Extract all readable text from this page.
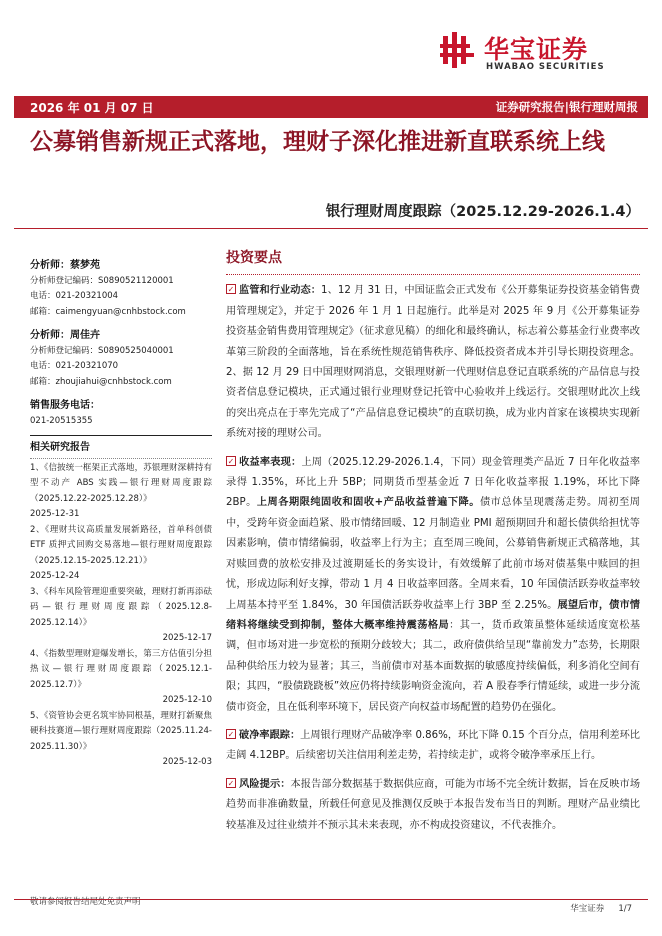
华宝证券
HWABAO SECURITIES
2026 年 01 月 07 日	证券研究报告|银行理财周报
公募销售新规正式落地，理财子深化推进新直联系统上线
银行理财周度跟踪（2025.12.29-2026.1.4）
分析师：蔡梦苑
分析师登记编码：S0890521120001
电话：021-20321004
邮箱：caimengyuan@cnhbstock.com
分析师：周佳卉
分析师登记编码：S0890525040001
电话：021-20321070
邮箱：zhoujiahui@cnhbstock.com
销售服务电话：
021-20515355
相关研究报告
1、《信披统一框架正式落地，苏银理财深耕持有型不动产 ABS 实践—银行理财周度跟踪（2025.12.22-2025.12.28）》
2025-12-31
2、《理财共议高质量发展新路径，首单科创债 ETF 质押式回购交易落地—银行理财周度跟踪（2025.12.15-2025.12.21）》
2025-12-24
3、《科车风险管理迎重要突破，理财打新再添砝码—银行理财周度跟踪（2025.12.8-2025.12.14）》
2025-12-17
4、《指数型理财迎爆发增长，第三方估值引分担热议—银行理财周度跟踪（2025.12.1-2025.12.7）》
2025-12-10
5、《资管协会更名筑牢协同根基，理财打新聚焦硬科技赛道—银行理财周度跟踪（2025.11.24-2025.11.30）》
2025-12-03
投资要点
✓ 监管和行业动态：1、12 月 31 日，中国证监会正式发布《公开募集证券投资基金销售费用管理规定》，并定于 2026 年 1 月 1 日起施行。此举是对 2025 年 9 月《公开募集证券投资基金销售费用管理规定》（征求意见稿）的细化和最终确认，标志着公募基金行业费率改革第三阶段的全面落地，旨在系统性规范销售秩序、降低投资者成本并引导长期投资理念。2、据 12 月 29 日中国理财网消息，交银理财新一代理财信息登记直联系统的产品信息与投资者信息登记模块，正式通过银行业理财登记托管中心验收并上线运行。交银理财此次上线的突出亮点在于率先完成了“产品信息登记模块”的直联切换，成为业内首家在该模块实现新系统对接的理财公司。
✓ 收益率表现：上周（2025.12.29-2026.1.4，下同）现金管理类产品近 7 日年化收益率录得 1.35%，环比上升 5BP；同期货币型基金近 7 日年化收益率报 1.19%，环比下降 2BP。上周各期限纯固收和固收+产品收益普遍下降。债市总体呈现震荡走势。周初至周中，受跨年资金面趋紧、股市情绪回暖、12 月制造业 PMI 超预期回升和超长债供给担忧等因素影响，债市情绪偏弱，收益率上行为主；直至周三晚间，公募销售新规正式稿落地，其对赎回费的放松安排及过渡期延长的务实设计，有效缓解了此前市场对债基集中赎回的担忧，形成边际利好支撑，带动 1 月 4 日收益率回落。全周来看，10 年国债活跃券收益率较上周基本持平至 1.84%，30 年国债活跃券收益率上行 3BP 至 2.25%。展望后市，债市情绪料将继续受到抑制，整体大概率维持震荡格局：其一，货币政策虽整体延续适度宽松基调，但市场对进一步宽松的预期分歧较大；其二，政府债供给呈现“靠前发力”态势，长期限品种供给压力较为显著；其三，当前债市对基本面数据的敏感度持续偏低，利多消化空间有限；其四，“股债跷跷板”效应仍将持续影响资金流向，若 A 股春季行情延续，或进一步分流债市资金，且在低利率环境下，居民资产向权益市场配置的趋势仍在强化。
✓ 破净率跟踪：上周银行理财产品破净率 0.86%，环比下降 0.15 个百分点，信用利差环比走阔 4.12BP。后续密切关注信用利差走势，若持续走扩，或将令破净率承压上行。
✓ 风险提示：本报告部分数据基于数据供应商，可能为市场不完全统计数据，旨在反映市场趋势而非准确数量，所载任何意见及推测仅反映于本报告发布当日的判断。理财产品业绩比较基准及过往业绩并不预示其未来表现，亦不构成投资建议，不代表推介。
敬请参阅报告结尾处免责声明
华宝证券 1/7
